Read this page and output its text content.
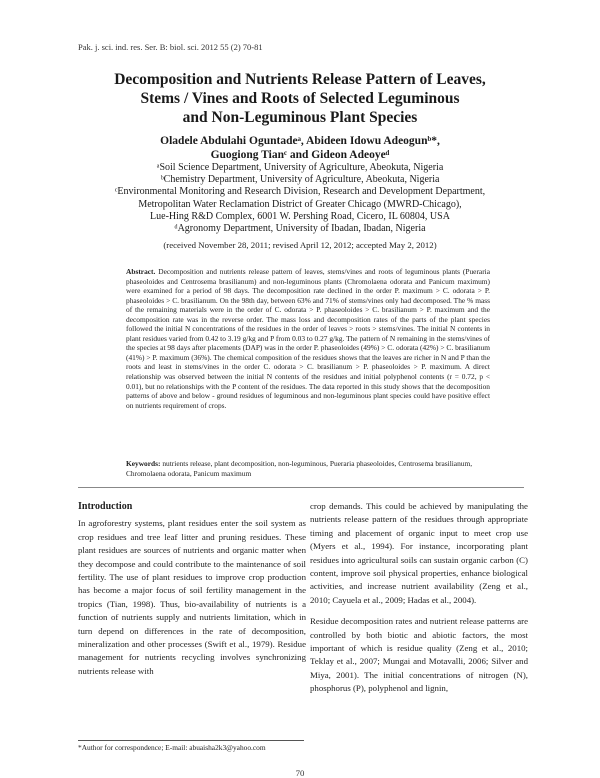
Pak. j. sci. ind. res. Ser. B: biol. sci. 2012 55 (2) 70-81
Decomposition and Nutrients Release Pattern of Leaves,
Stems / Vines and Roots of Selected Leguminous
and Non-Leguminous Plant Species
Oladele Abdulahi Oguntadeᵃ, Abideen Idowu Adeogunᵇ*,
Guogiong Tianᶜ and Gideon Adeoyeᵈ
ᵃSoil Science Department, University of Agriculture, Abeokuta, Nigeria
ᵇChemistry Department, University of Agriculture, Abeokuta, Nigeria
ᶜEnvironmental Monitoring and Research Division, Research and Development Department,
Metropolitan Water Reclamation District of Greater Chicago (MWRD-Chicago),
Lue-Hing R&D Complex, 6001 W. Pershing Road, Cicero, IL 60804, USA
ᵈAgronomy Department, University of Ibadan, Ibadan, Nigeria
(received November 28, 2011; revised April 12, 2012; accepted May 2, 2012)
Abstract. Decomposition and nutrients release pattern of leaves, stems/vines and roots of leguminous plants (Pueraria phaseoloides and Centrosema brasilianum) and non-leguminous plants (Chromolaena odorata and Panicum maximum) were examined for a period of 98 days. The decomposition rate declined in the order P. maximum > C. odorata > P. phaseoloides > C. brasilianum. On the 98th day, between 63% and 71% of stems/vines only had decomposed. The % mass of the remaining materials were in the order of C. odorata > P. phaseoloides > C. brasilianum > P. maximum and the decomposition rate was in the reverse order. The mass loss and decomposition rates of the parts of the plant species followed the initial N concentrations of the residues in the order of leaves > roots > stems/vines. The initial N contents in plant residues varied from 0.42 to 3.19 g/kg and P from 0.03 to 0.27 g/kg. The pattern of N remaining in the stems/vines of the species at 98 days after placements (DAP) was in the order P. phaseoloides (49%) > C. odorata (42%) > C. brasilianum (41%) > P. maximum (36%). The chemical composition of the residues shows that the leaves are richer in N and P than the roots and least in stems/vines in the order C. odorata > C. brasilianum > P. phaseoloides > P. maximum. A direct relationship was observed between the initial N contents of the residues and initial polyphenol contents (r = 0.72, p < 0.01), but no relationships with the P content of the residues. The data reported in this study shows that the decomposition patterns of above and below - ground residues of leguminous and non-leguminous plant species could have positive effect on nutrients requirement of crops.
Keywords: nutrients release, plant decomposition, non-leguminous, Pueraria phaseoloides, Centrosema brasilianum, Chromolaena odorata, Panicum maximum
Introduction

In agroforestry systems, plant residues enter the soil system as crop residues and tree leaf litter and pruning residues. These plant residues are sources of nutrients and organic matter when they decompose and could contribute to the maintenance of soil fertility. The use of plant residues to improve crop production has become a major focus of soil fertility management in the tropics (Tian, 1998). Thus, bio-availability of nutrients is a function of nutrients supply and nutrients limitation, which in turn depend on differences in the rate of decomposition, mineralization and other processes (Swift et al., 1979). Residue management for nutrients recycling involves synchronizing nutrients release with

crop demands. This could be achieved by manipulating the nutrients release pattern of the residues through appropriate timing and placement of organic input to meet crop use (Myers et al., 1994). For instance, incorporating plant residues into agricultural soils can sustain organic carbon (C) content, improve soil physical properties, enhance biological activities, and increase nutrient availability (Zeng et al., 2010; Cayuela et al., 2009; Hadas et al., 2004).

Residue decomposition rates and nutrient release patterns are controlled by both biotic and abiotic factors, the most important of which is residue quality (Zeng et al., 2010; Teklay et al., 2007; Mungai and Motavalli, 2006; Silver and Miya, 2001). The initial concentrations of nitrogen (N), phosphorus (P), polyphenol and lignin,

*Author for correspondence; E-mail: abuaisha2k3@yahoo.com
70
